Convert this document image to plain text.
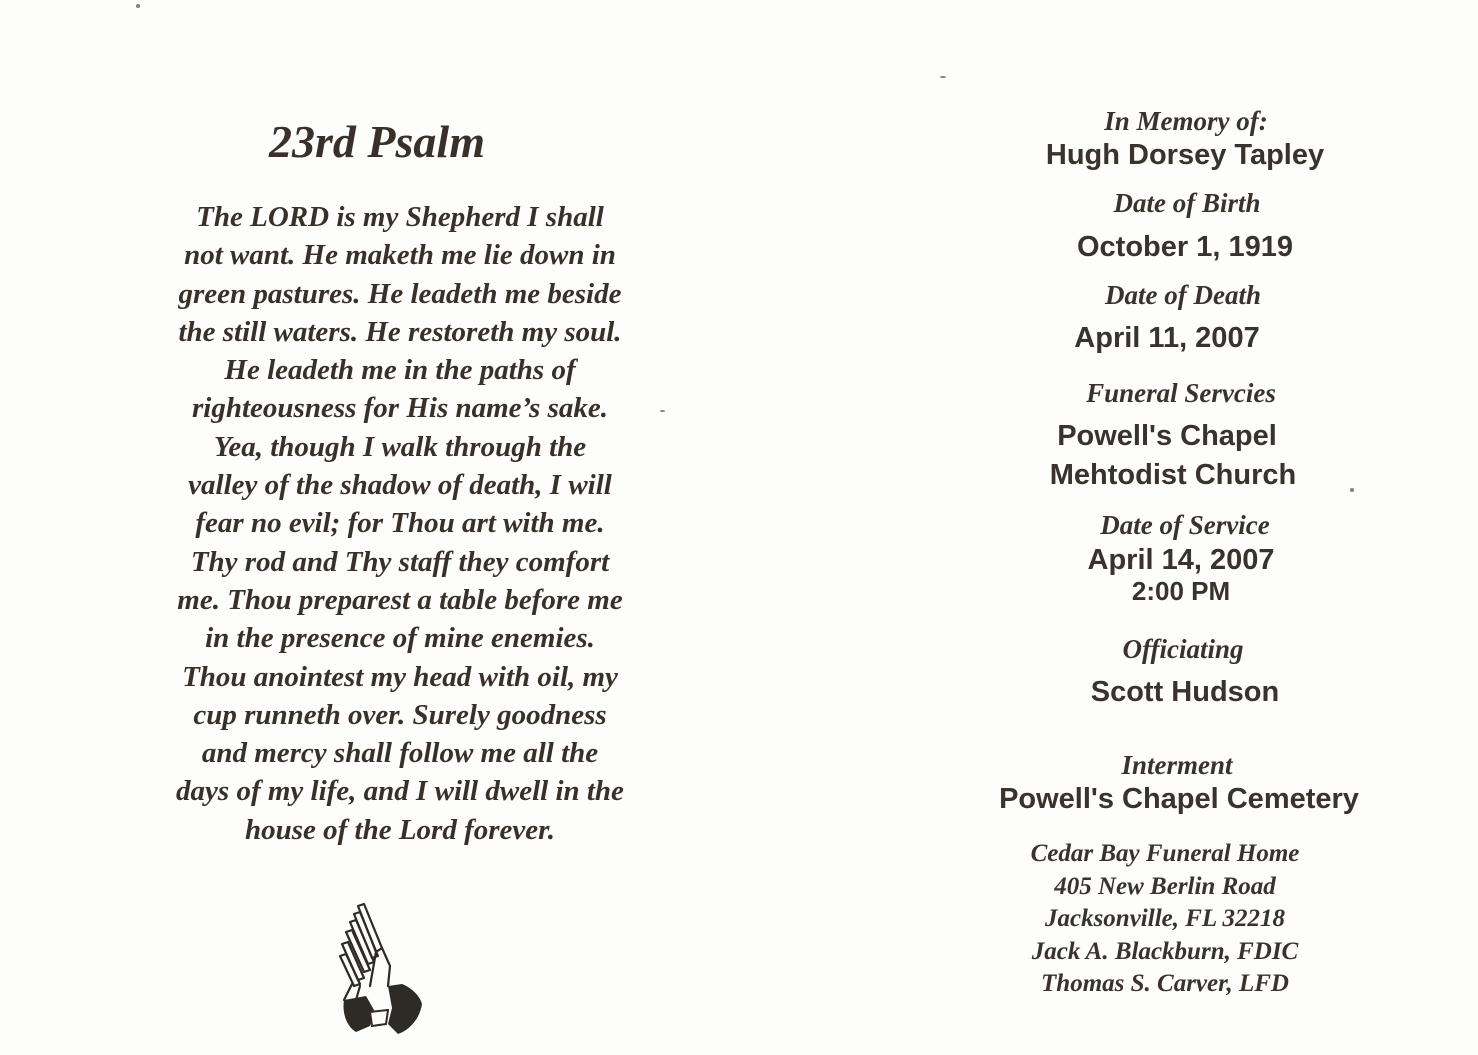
23rd Psalm
The LORD is my Shepherd I shall
not want. He maketh me lie down in
green pastures. He leadeth me beside
the still waters. He restoreth my soul.
He leadeth me in the paths of
righteousness for His name’s sake.
Yea, though I walk through the
valley of the shadow of death, I will
fear no evil; for Thou art with me.
Thy rod and Thy staff they comfort
me. Thou preparest a table before me
in the presence of mine enemies.
Thou anointest my head with oil, my
cup runneth over. Surely goodness
and mercy shall follow me all the
days of my life, and I will dwell in the
house of the Lord forever.
In Memory of:
Hugh Dorsey Tapley
Date of Birth
October 1, 1919
Date of Death
April 11, 2007
Funeral Servcies
Powell's Chapel
Mehtodist Church
Date of Service
April 14, 2007
2:00 PM
Officiating
Scott Hudson
Interment
Powell's Chapel Cemetery
Cedar Bay Funeral Home
405 New Berlin Road
Jacksonville, FL 32218
Jack A. Blackburn, FDIC
Thomas S. Carver, LFD
